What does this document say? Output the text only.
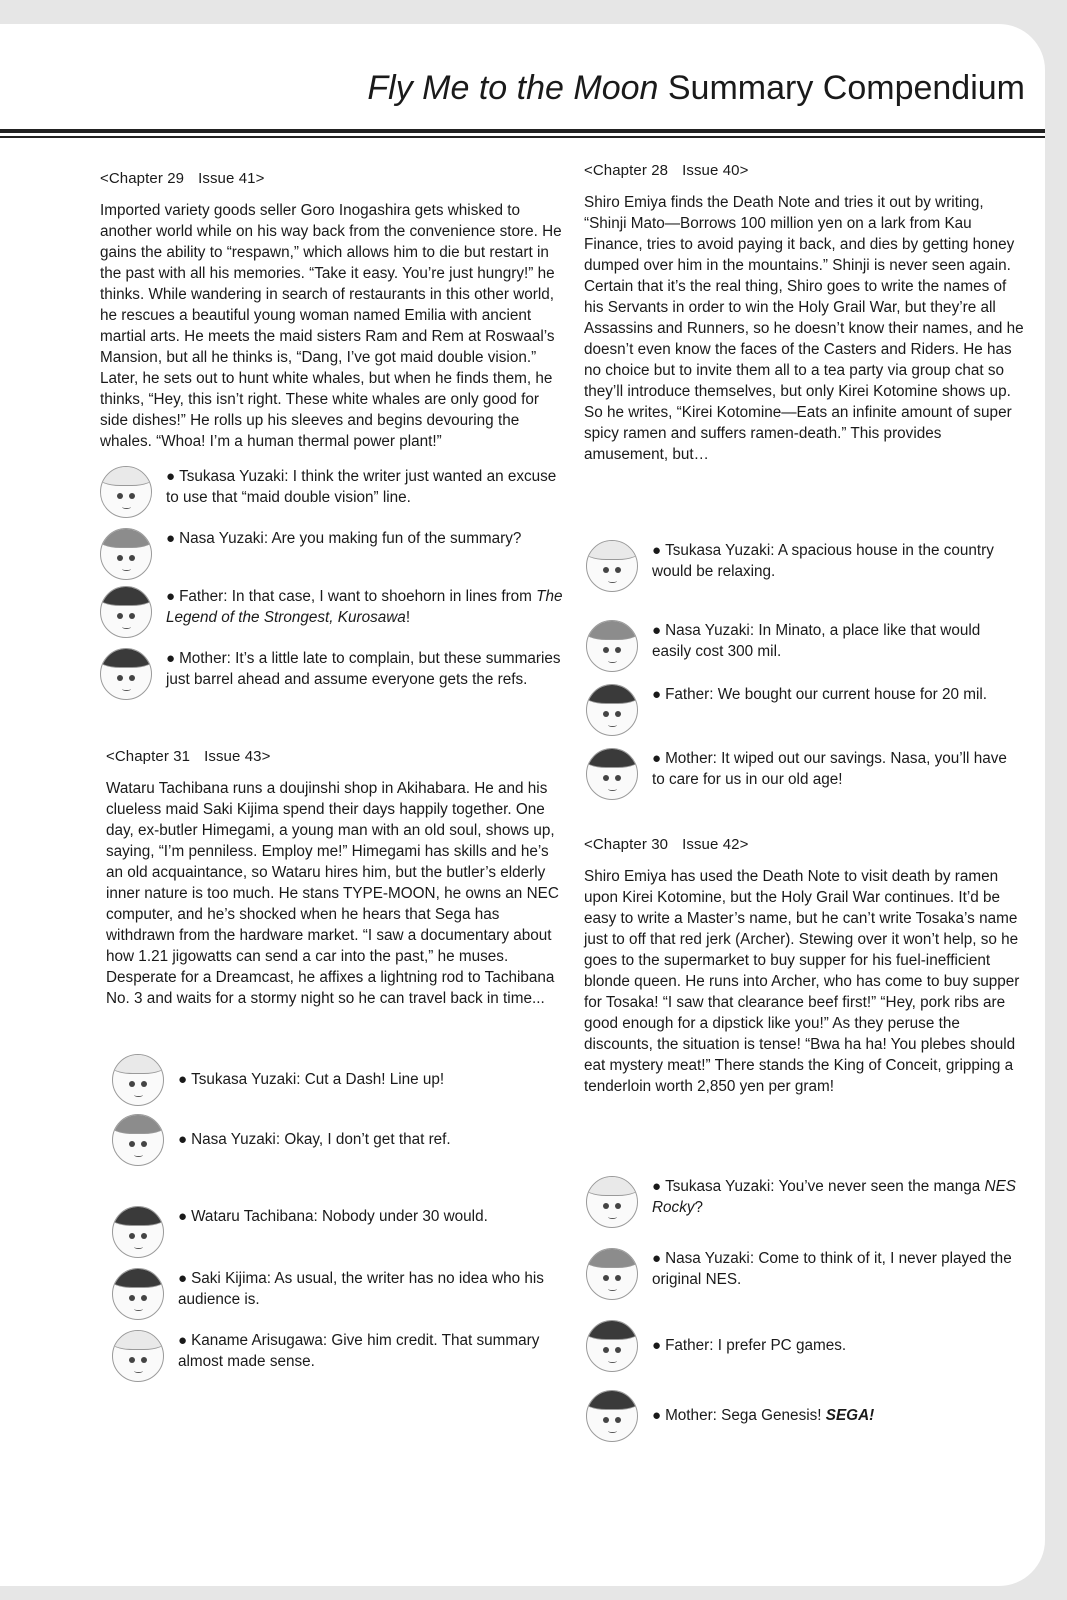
Fly Me to the Moon Summary Compendium
<Chapter 29 Issue 41>

Imported variety goods seller Goro Inogashira gets whisked to another world while on his way back from the convenience store. He gains the ability to “respawn,” which allows him to die but restart in the past with all his memories. “Take it easy. You’re just hungry!” he thinks. While wandering in search of restaurants in this other world, he rescues a beautiful young woman named Emilia with ancient martial arts. He meets the maid sisters Ram and Rem at Roswaal’s Mansion, but all he thinks is, “Dang, I’ve got maid double vision.” Later, he sets out to hunt white whales, but when he finds them, he thinks, “Hey, this isn’t right. These white whales are only good for side dishes!” He rolls up his sleeves and begins devouring the whales. “Whoa! I’m a human thermal power plant!”

● Tsukasa Yuzaki: I think the writer just wanted an excuse to use that “maid double vision” line.
● Nasa Yuzaki: Are you making fun of the summary?
● Father: In that case, I want to shoehorn in lines from The Legend of the Strongest, Kurosawa!
● Mother: It’s a little late to complain, but these summaries just barrel ahead and assume everyone gets the refs.
<Chapter 31 Issue 43>

Wataru Tachibana runs a doujinshi shop in Akihabara. He and his clueless maid Saki Kijima spend their days happily together. One day, ex-butler Himegami, a young man with an old soul, shows up, saying, “I’m penniless. Employ me!” Himegami has skills and he’s an old acquaintance, so Wataru hires him, but the butler’s elderly inner nature is too much. He stans TYPE-MOON, he owns an NEC computer, and he’s shocked when he hears that Sega has withdrawn from the hardware market. “I saw a documentary about how 1.21 jigowatts can send a car into the past,” he muses. Desperate for a Dreamcast, he affixes a lightning rod to Tachibana No. 3 and waits for a stormy night so he can travel back in time...

● Tsukasa Yuzaki: Cut a Dash! Line up!
● Nasa Yuzaki: Okay, I don’t get that ref.
● Wataru Tachibana: Nobody under 30 would.
● Saki Kijima: As usual, the writer has no idea who his audience is.
● Kaname Arisugawa: Give him credit. That summary almost made sense.
<Chapter 28 Issue 40>

Shiro Emiya finds the Death Note and tries it out by writing, “Shinji Mato—Borrows 100 million yen on a lark from Kau Finance, tries to avoid paying it back, and dies by getting honey dumped over him in the mountains.” Shinji is never seen again. Certain that it’s the real thing, Shiro goes to write the names of his Servants in order to win the Holy Grail War, but they’re all Assassins and Runners, so he doesn’t know their names, and he doesn’t even know the faces of the Casters and Riders. He has no choice but to invite them all to a tea party via group chat so they’ll introduce themselves, but only Kirei Kotomine shows up. So he writes, “Kirei Kotomine—Eats an infinite amount of super spicy ramen and suffers ramen-death.” This provides amusement, but…

● Tsukasa Yuzaki: A spacious house in the country would be relaxing.
● Nasa Yuzaki: In Minato, a place like that would easily cost 300 mil.
● Father: We bought our current house for 20 mil.
● Mother: It wiped out our savings. Nasa, you’ll have to care for us in our old age!
<Chapter 30 Issue 42>

Shiro Emiya has used the Death Note to visit death by ramen upon Kirei Kotomine, but the Holy Grail War continues. It’d be easy to write a Master’s name, but he can’t write Tosaka’s name just to off that red jerk (Archer). Stewing over it won’t help, so he goes to the supermarket to buy supper for his fuel-inefficient blonde queen. He runs into Archer, who has come to buy supper for Tosaka! “I saw that clearance beef first!” “Hey, pork ribs are good enough for a dipstick like you!” As they peruse the discounts, the situation is tense! “Bwa ha ha! You plebes should eat mystery meat!” There stands the King of Conceit, gripping a tenderloin worth 2,850 yen per gram!

● Tsukasa Yuzaki: You’ve never seen the manga NES Rocky?
● Nasa Yuzaki: Come to think of it, I never played the original NES.
● Father: I prefer PC games.
● Mother: Sega Genesis! SEGA!
